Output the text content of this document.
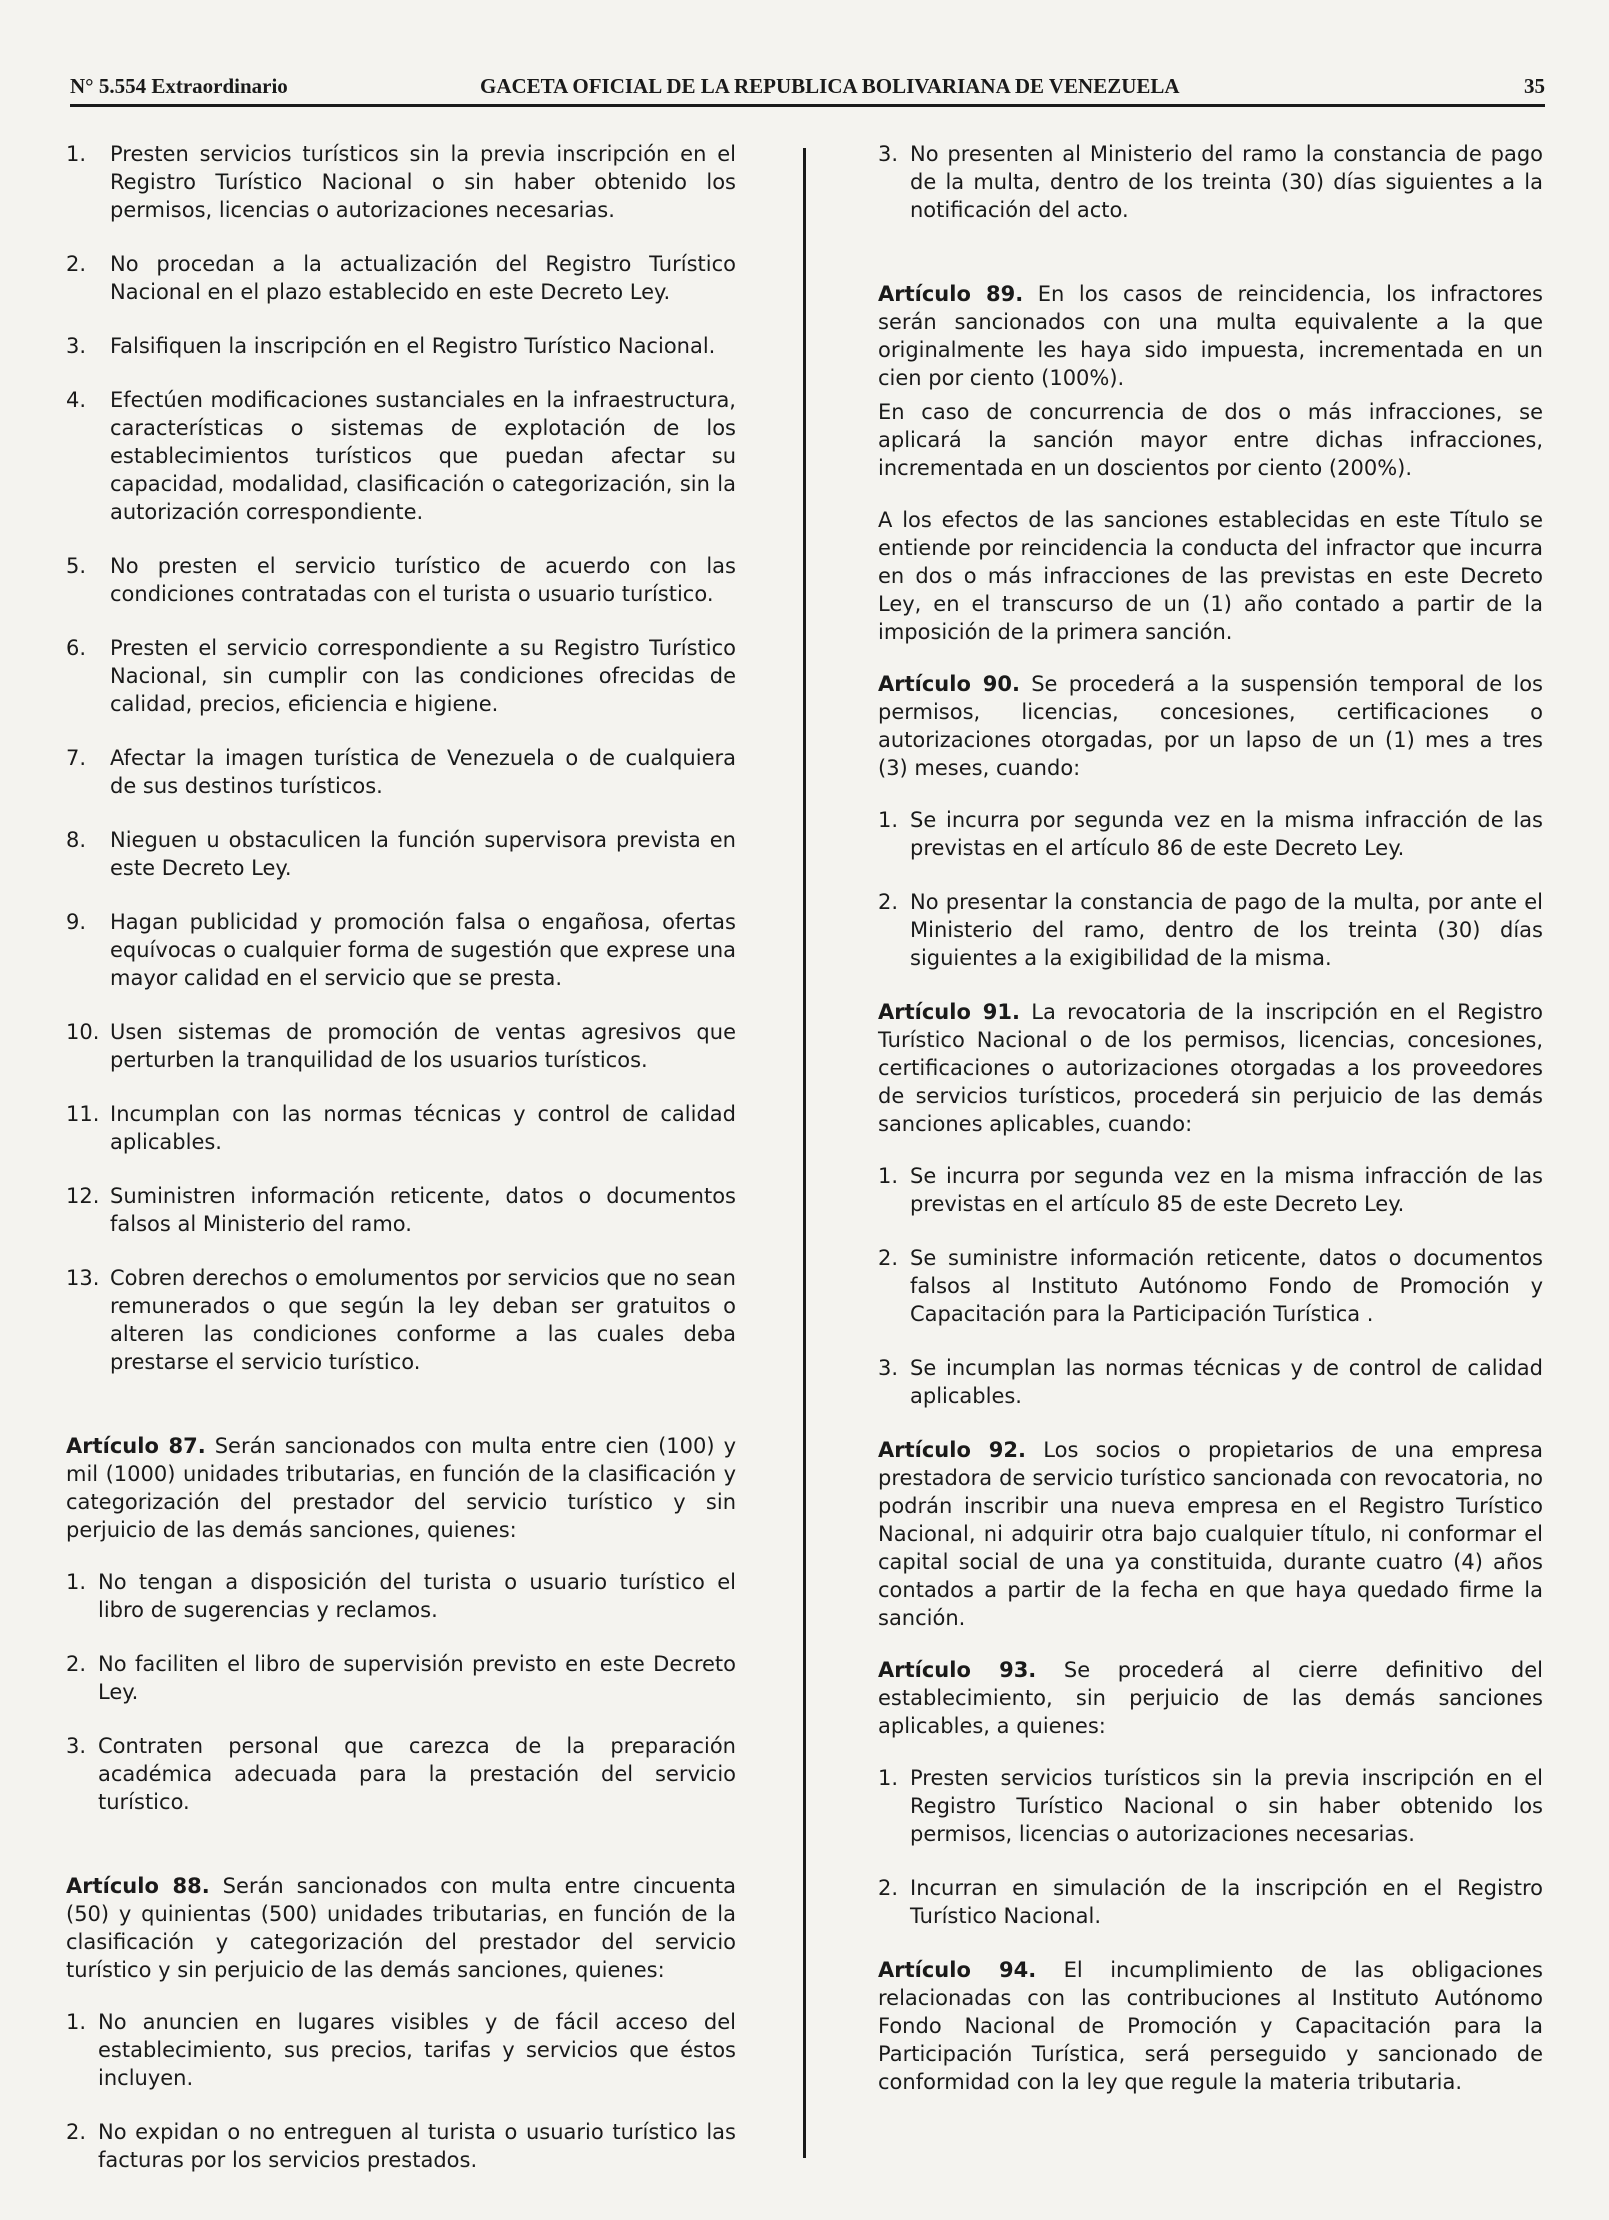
N° 5.554 Extraordinario	GACETA OFICIAL DE LA REPUBLICA BOLIVARIANA DE VENEZUELA	35
1. Presten servicios turísticos sin la previa inscripción en el Registro Turístico Nacional o sin haber obtenido los permisos, licencias o autorizaciones necesarias.
2. No procedan a la actualización del Registro Turístico Nacional en el plazo establecido en este Decreto Ley.
3. Falsifiquen la inscripción en el Registro Turístico Nacional.
4. Efectúen modificaciones sustanciales en la infraestructura, características o sistemas de explotación de los establecimientos turísticos que puedan afectar su capacidad, modalidad, clasificación o categorización, sin la autorización correspondiente.
5. No presten el servicio turístico de acuerdo con las condiciones contratadas con el turista o usuario turístico.
6. Presten el servicio correspondiente a su Registro Turístico Nacional, sin cumplir con las condiciones ofrecidas de calidad, precios, eficiencia e higiene.
7. Afectar la imagen turística de Venezuela o de cualquiera de sus destinos turísticos.
8. Nieguen u obstaculicen la función supervisora prevista en este Decreto Ley.
9. Hagan publicidad y promoción falsa o engañosa, ofertas equívocas o cualquier forma de sugestión que exprese una mayor calidad en el servicio que se presta.
10. Usen sistemas de promoción de ventas agresivos que perturben la tranquilidad de los usuarios turísticos.
11. Incumplan con las normas técnicas y control de calidad aplicables.
12. Suministren información reticente, datos o documentos falsos al Ministerio del ramo.
13. Cobren derechos o emolumentos por servicios que no sean remunerados o que según la ley deban ser gratuitos o alteren las condiciones conforme a las cuales deba prestarse el servicio turístico.

Artículo 87. Serán sancionados con multa entre cien (100) y mil (1000) unidades tributarias, en función de la clasificación y categorización del prestador del servicio turístico y sin perjuicio de las demás sanciones, quienes:

1. No tengan a disposición del turista o usuario turístico el libro de sugerencias y reclamos.
2. No faciliten el libro de supervisión previsto en este Decreto Ley.
3. Contraten personal que carezca de la preparación académica adecuada para la prestación del servicio turístico.

Artículo 88. Serán sancionados con multa entre cincuenta (50) y quinientas (500) unidades tributarias, en función de la clasificación y categorización del prestador del servicio turístico y sin perjuicio de las demás sanciones, quienes:

1. No anuncien en lugares visibles y de fácil acceso del establecimiento, sus precios, tarifas y servicios que éstos incluyen.
2. No expidan o no entreguen al turista o usuario turístico las facturas por los servicios prestados.
3. No presenten al Ministerio del ramo la constancia de pago de la multa, dentro de los treinta (30) días siguientes a la notificación del acto.

Artículo 89. En los casos de reincidencia, los infractores serán sancionados con una multa equivalente a la que originalmente les haya sido impuesta, incrementada en un cien por ciento (100%).

En caso de concurrencia de dos o más infracciones, se aplicará la sanción mayor entre dichas infracciones, incrementada en un doscientos por ciento (200%).

A los efectos de las sanciones establecidas en este Título se entiende por reincidencia la conducta del infractor que incurra en dos o más infracciones de las previstas en este Decreto Ley, en el transcurso de un (1) año contado a partir de la imposición de la primera sanción.

Artículo 90. Se procederá a la suspensión temporal de los permisos, licencias, concesiones, certificaciones o autorizaciones otorgadas, por un lapso de un (1) mes a tres (3) meses, cuando:

1. Se incurra por segunda vez en la misma infracción de las previstas en el artículo 86 de este Decreto Ley.
2. No presentar la constancia de pago de la multa, por ante el Ministerio del ramo, dentro de los treinta (30) días siguientes a la exigibilidad de la misma.

Artículo 91. La revocatoria de la inscripción en el Registro Turístico Nacional o de los permisos, licencias, concesiones, certificaciones o autorizaciones otorgadas a los proveedores de servicios turísticos, procederá sin perjuicio de las demás sanciones aplicables, cuando:

1. Se incurra por segunda vez en la misma infracción de las previstas en el artículo 85 de este Decreto Ley.
2. Se suministre información reticente, datos o documentos falsos al Instituto Autónomo Fondo de Promoción y Capacitación para la Participación Turística .
3. Se incumplan las normas técnicas y de control de calidad aplicables.

Artículo 92. Los socios o propietarios de una empresa prestadora de servicio turístico sancionada con revocatoria, no podrán inscribir una nueva empresa en el Registro Turístico Nacional, ni adquirir otra bajo cualquier título, ni conformar el capital social de una ya constituida, durante cuatro (4) años contados a partir de la fecha en que haya quedado firme la sanción.

Artículo 93. Se procederá al cierre definitivo del establecimiento, sin perjuicio de las demás sanciones aplicables, a quienes:

1. Presten servicios turísticos sin la previa inscripción en el Registro Turístico Nacional o sin haber obtenido los permisos, licencias o autorizaciones necesarias.
2. Incurran en simulación de la inscripción en el Registro Turístico Nacional.

Artículo 94. El incumplimiento de las obligaciones relacionadas con las contribuciones al Instituto Autónomo Fondo Nacional de Promoción y Capacitación para la Participación Turística, será perseguido y sancionado de conformidad con la ley que regule la materia tributaria.
